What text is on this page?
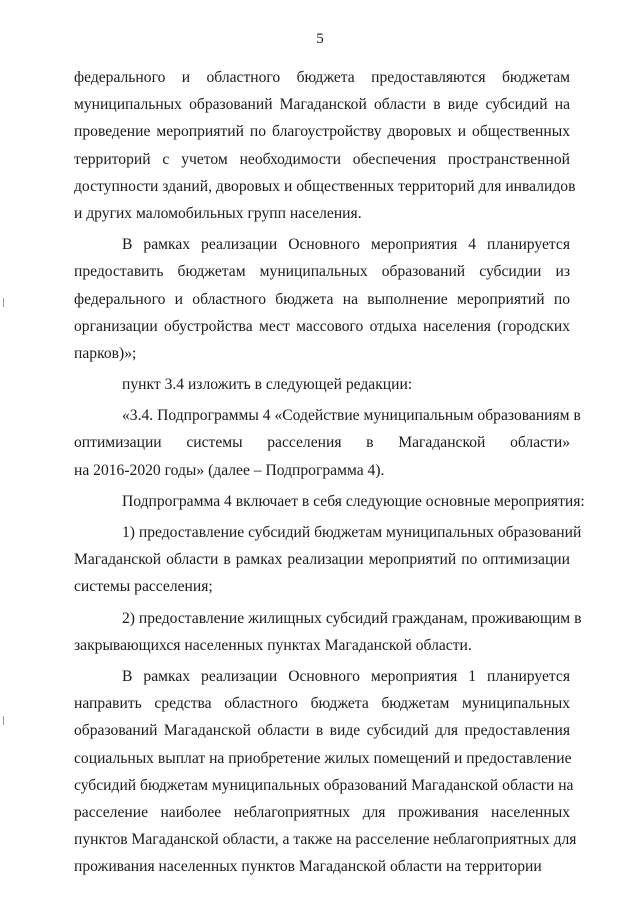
5
федерального и областного бюджета предоставляются бюджетам
муниципальных образований Магаданской области в виде субсидий на
проведение мероприятий по благоустройству дворовых и общественных
территорий с учетом необходимости обеспечения пространственной
доступности зданий, дворовых и общественных территорий для инвалидов
и других маломобильных групп населения.
В рамках реализации Основного мероприятия 4 планируется
предоставить бюджетам муниципальных образований субсидии из
федерального и областного бюджета на выполнение мероприятий по
организации обустройства мест массового отдыха населения (городских
парков)»;
пункт 3.4 изложить в следующей редакции:
«3.4. Подпрограммы 4 «Содействие муниципальным образованиям в
оптимизации системы расселения в Магаданской области»
на 2016-2020 годы» (далее – Подпрограмма 4).
Подпрограмма 4 включает в себя следующие основные мероприятия:
1) предоставление субсидий бюджетам муниципальных образований
Магаданской области в рамках реализации мероприятий по оптимизации
системы расселения;
2) предоставление жилищных субсидий гражданам, проживающим в
закрывающихся населенных пунктах Магаданской области.
В рамках реализации Основного мероприятия 1 планируется
направить средства областного бюджета бюджетам муниципальных
образований Магаданской области в виде субсидий для предоставления
социальных выплат на приобретение жилых помещений и предоставление
субсидий бюджетам муниципальных образований Магаданской области на
расселение наиболее неблагоприятных для проживания населенных
пунктов Магаданской области, а также на расселение неблагоприятных для
проживания населенных пунктов Магаданской области на территории
